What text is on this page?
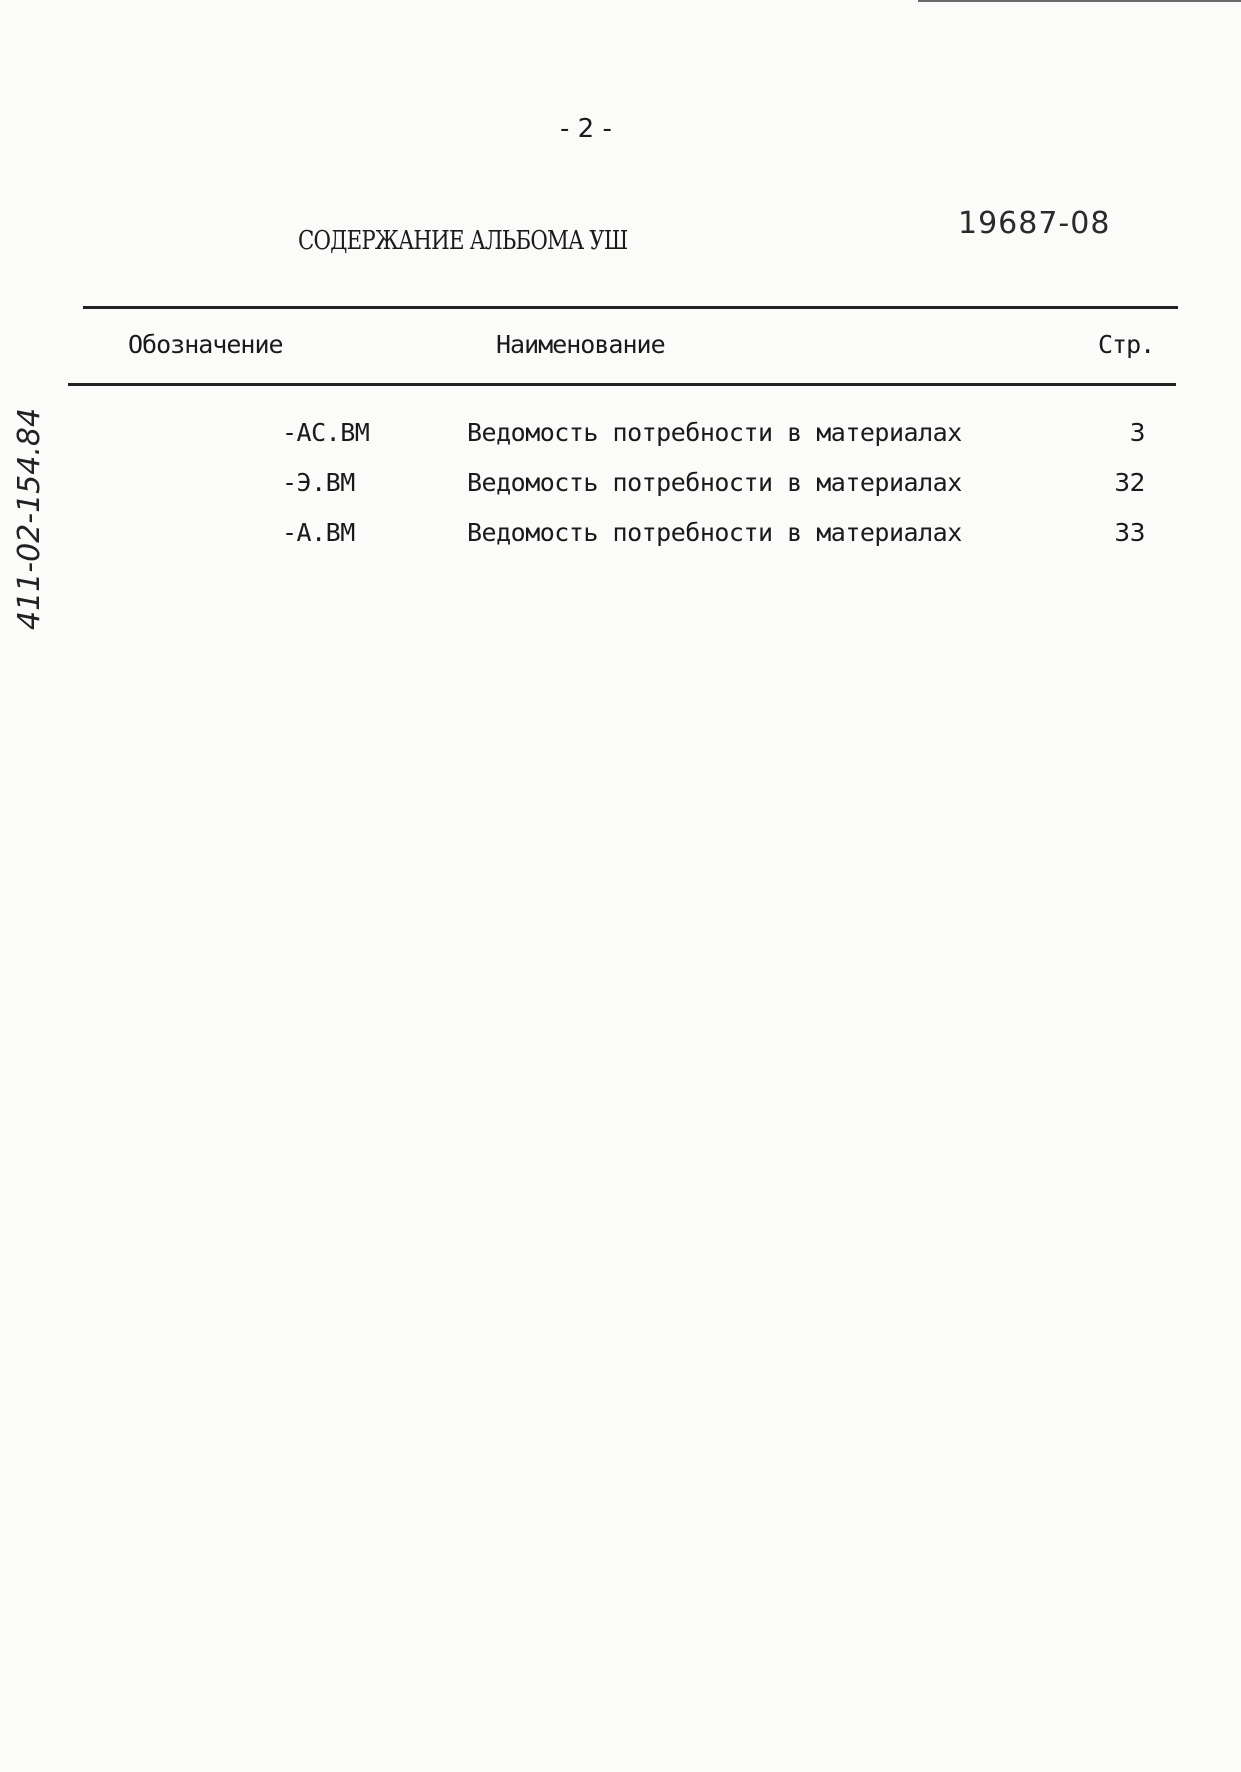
- 2 -
19687-08
СОДЕРЖАНИЕ АЛЬБОМА УШ
Обозначение	Наименование	Стр.
-АС.ВМ	Ведомость потребности в материалах	3
-Э.ВМ	Ведомость потребности в материалах	32
-А.ВМ	Ведомость потребности в материалах	33
411-02-154.84
